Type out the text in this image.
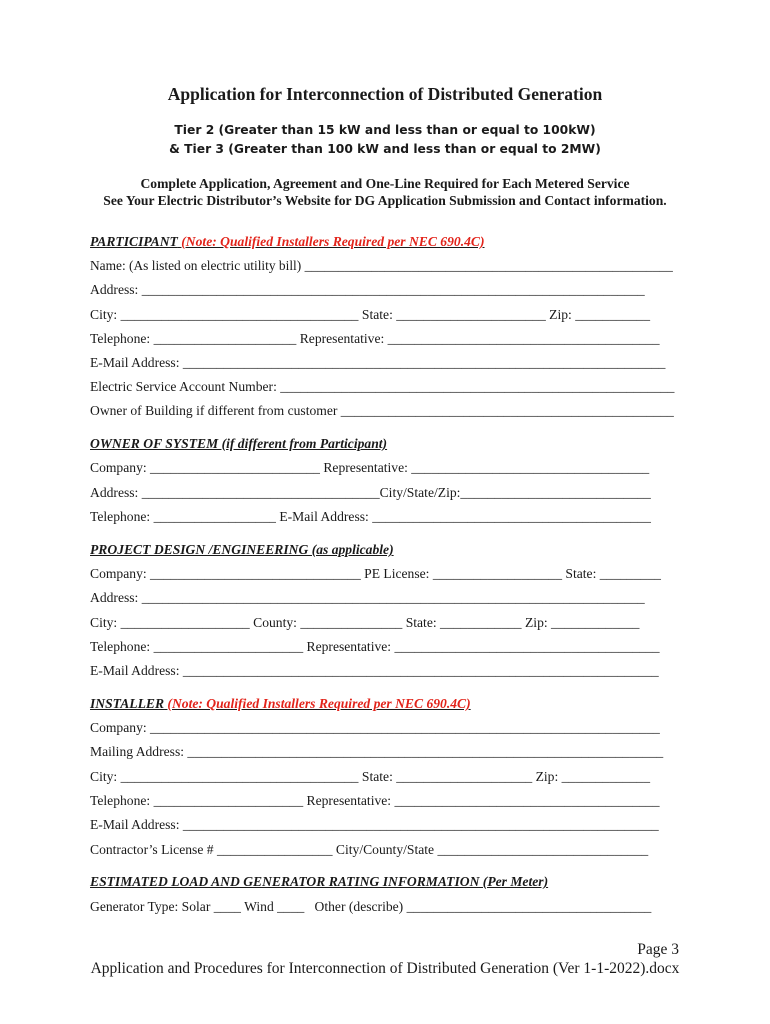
Application for Interconnection of Distributed Generation
Tier 2 (Greater than 15 kW and less than or equal to 100kW)
& Tier 3 (Greater than 100 kW and less than or equal to 2MW)
Complete Application, Agreement and One-Line Required for Each Metered Service
See Your Electric Distributor’s Website for DG Application Submission and Contact information.
PARTICIPANT (Note: Qualified Installers Required per NEC 690.4C)
Name: (As listed on electric utility bill) _______________________________________________________
Address: __________________________________________________________________________
City: ___________________________________ State: ______________________ Zip: ___________
Telephone: _____________________ Representative: ________________________________________
E-Mail Address: _______________________________________________________________________
Electric Service Account Number: __________________________________________________________
Owner of Building if different from customer _________________________________________________
OWNER OF SYSTEM (if different from Participant)
Company: _________________________ Representative: ___________________________________
Address: ___________________________________City/State/Zip:____________________________
Telephone: __________________ E-Mail Address: _________________________________________
PROJECT DESIGN /ENGINEERING (as applicable)
Company: _______________________________ PE License: ___________________ State: _________
Address: __________________________________________________________________________
City: ___________________ County: _______________ State: ____________ Zip: _____________
Telephone: ______________________ Representative: _______________________________________
E-Mail Address: ______________________________________________________________________
INSTALLER (Note: Qualified Installers Required per NEC 690.4C)
Company: ___________________________________________________________________________
Mailing Address: ______________________________________________________________________
City: ___________________________________ State: ____________________ Zip: _____________
Telephone: ______________________ Representative: _______________________________________
E-Mail Address: ______________________________________________________________________
Contractor’s License # _________________ City/County/State _______________________________
ESTIMATED LOAD AND GENERATOR RATING INFORMATION (Per Meter)
Generator Type: Solar ____ Wind ____   Other (describe) ____________________________________
Page 3
Application and Procedures for Interconnection of Distributed Generation (Ver 1-1-2022).docx
